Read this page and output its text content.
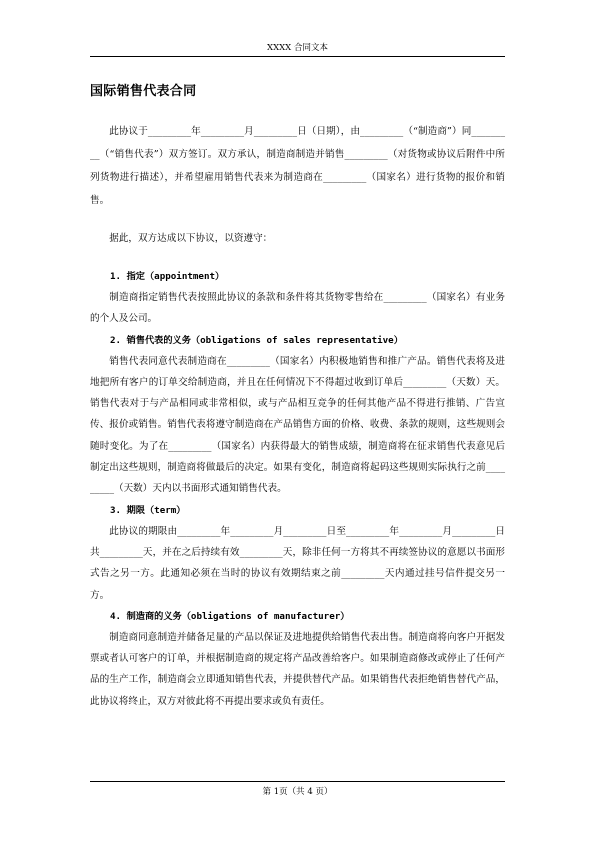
XXXX 合同文本
国际销售代表合同

此协议于_________年_________月_________日（日期），由_________（“制造商”）同_________（“销售代表”）双方签订。双方承认，制造商制造并销售_________（对货物或协议后附件中所列货物进行描述），并希望雇用销售代表来为制造商在_________（国家名）进行货物的报价和销售。

据此，双方达成以下协议，以资遵守：

1. 指定（appointment）

制造商指定销售代表按照此协议的条款和条件将其货物零售给在_________（国家名）有业务的个人及公司。

2. 销售代表的义务（obligations of sales representative）

销售代表同意代表制造商在_________（国家名）内积极地销售和推广产品。销售代表将及进地把所有客户的订单交给制造商，并且在任何情况下不得超过收到订单后_________（天数）天。销售代表对于与产品相同或非常相似，或与产品相互竞争的任何其他产品不得进行推销、广告宣传、报价或销售。销售代表将遵守制造商在产品销售方面的价格、收费、条款的规则，这些规则会随时变化。为了在_________（国家名）内获得最大的销售成绩，制造商将在征求销售代表意见后制定出这些规则，制造商将做最后的决定。如果有变化，制造商将起码这些规则实际执行之前_________（天数）天内以书面形式通知销售代表。

3. 期限（term）

此协议的期限由_________年_________月_________日至_________年_________月_________日共_________天，并在之后持续有效_________天，除非任何一方将其不再续签协议的意愿以书面形式告之另一方。此通知必须在当时的协议有效期结束之前_________天内通过挂号信件提交另一方。

4. 制造商的义务（obligations of manufacturer）

制造商同意制造并储备足量的产品以保证及进地提供给销售代表出售。制造商将向客户开据发票或者认可客户的订单，并根据制造商的规定将产品改善给客户。如果制造商修改或停止了任何产品的生产工作，制造商会立即通知销售代表，并提供替代产品。如果销售代表拒绝销售替代产品，此协议将终止，双方对彼此将不再提出要求或负有责任。

第 1页（共 4 页）
